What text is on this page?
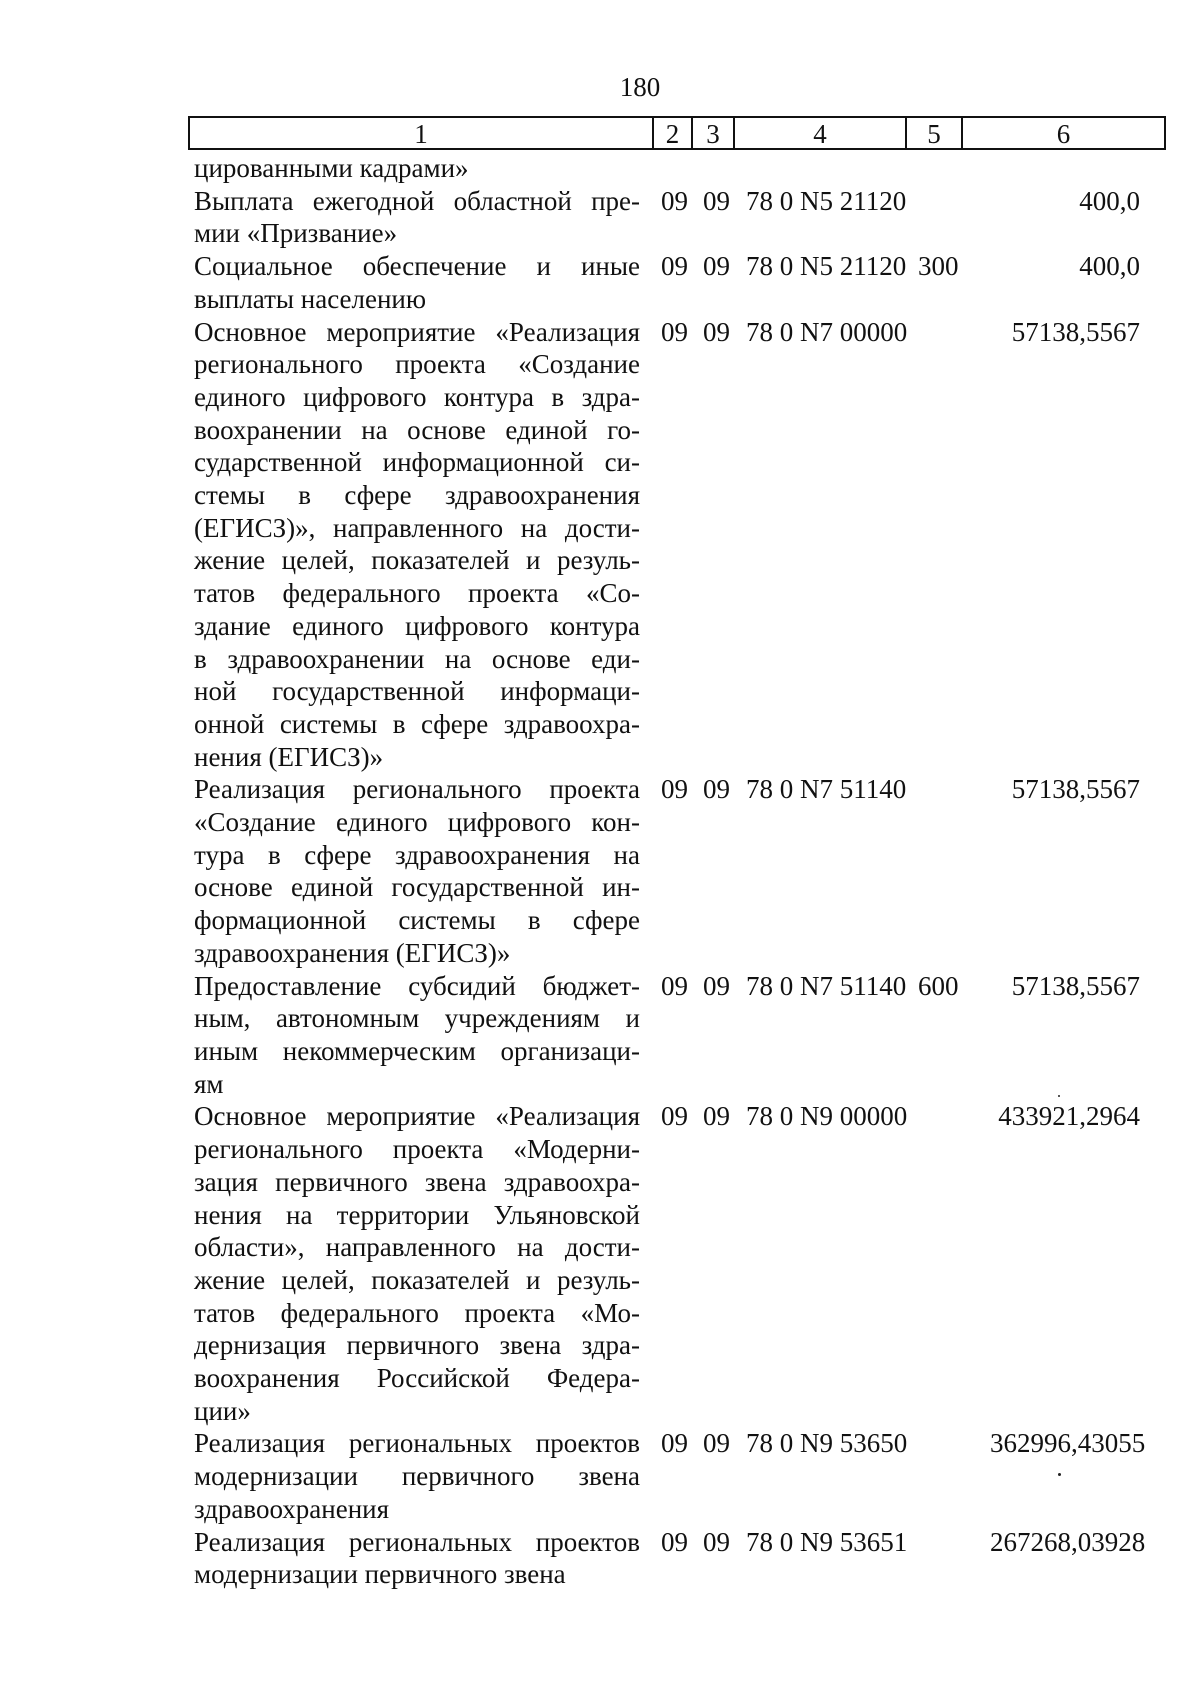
180
1	2	3	4	5	6
цированными кадрами»
Выплата ежегодной областной пре-
мии «Призвание»
09 09 78 0 N5 21120	400,0
Социальное обеспечение и иные
выплаты населению
09 09 78 0 N5 21120 300	400,0
Основное мероприятие «Реализация
регионального проекта «Создание
единого цифрового контура в здра-
воохранении на основе единой го-
сударственной информационной си-
стемы в сфере здравоохранения
(ЕГИСЗ)», направленного на дости-
жение целей, показателей и резуль-
татов федерального проекта «Со-
здание единого цифрового контура
в здравоохранении на основе еди-
ной государственной информаци-
онной системы в сфере здравоохра-
нения (ЕГИСЗ)»
09 09 78 0 N7 00000	57138,5567
Реализация регионального проекта
«Создание единого цифрового кон-
тура в сфере здравоохранения на
основе единой государственной ин-
формационной системы в сфере
здравоохранения (ЕГИСЗ)»
09 09 78 0 N7 51140	57138,5567
Предоставление субсидий бюджет-
ным, автономным учреждениям и
иным некоммерческим организаци-
ям
09 09 78 0 N7 51140 600	57138,5567
Основное мероприятие «Реализация
регионального проекта «Модерни-
зация первичного звена здравоохра-
нения на территории Ульяновской
области», направленного на дости-
жение целей, показателей и резуль-
татов федерального проекта «Мо-
дернизация первичного звена здра-
воохранения Российской Федера-
ции»
09 09 78 0 N9 00000	433921,2964
Реализация региональных проектов
модернизации первичного звена
здравоохранения
09 09 78 0 N9 53650	362996,43055
Реализация региональных проектов
модернизации первичного звена
09 09 78 0 N9 53651	267268,03928
